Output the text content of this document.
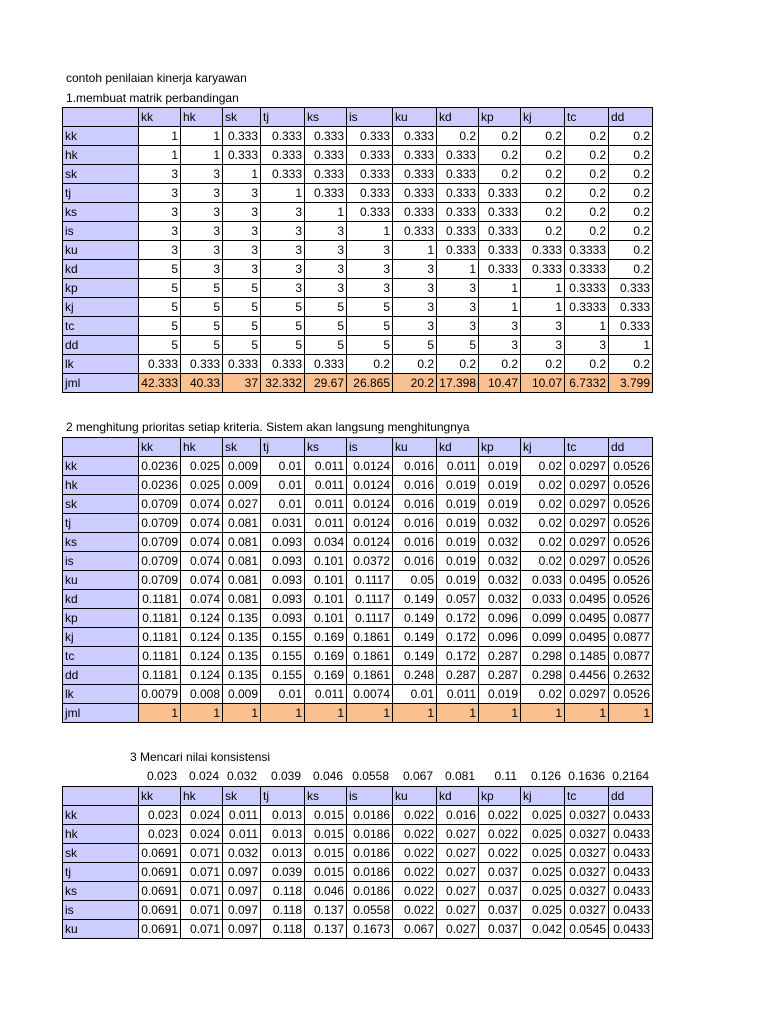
contoh penilaian kinerja karyawan
1.membuat matrik perbandingan
	kk	hk	sk	tj	ks	is	ku	kd	kp	kj	tc	dd
kk	1	1	0.333	0.333	0.333	0.333	0.333	0.2	0.2	0.2	0.2	0.2
hk	1	1	0.333	0.333	0.333	0.333	0.333	0.333	0.2	0.2	0.2	0.2
sk	3	3	1	0.333	0.333	0.333	0.333	0.333	0.2	0.2	0.2	0.2
tj	3	3	3	1	0.333	0.333	0.333	0.333	0.333	0.2	0.2	0.2
ks	3	3	3	3	1	0.333	0.333	0.333	0.333	0.2	0.2	0.2
is	3	3	3	3	3	1	0.333	0.333	0.333	0.2	0.2	0.2
ku	3	3	3	3	3	3	1	0.333	0.333	0.333	0.3333	0.2
kd	5	3	3	3	3	3	3	1	0.333	0.333	0.3333	0.2
kp	5	5	5	3	3	3	3	3	1	1	0.3333	0.333
kj	5	5	5	5	5	5	3	3	1	1	0.3333	0.333
tc	5	5	5	5	5	5	3	3	3	3	1	0.333
dd	5	5	5	5	5	5	5	5	3	3	3	1
lk	0.333	0.333	0.333	0.333	0.333	0.2	0.2	0.2	0.2	0.2	0.2	0.2
jml	42.333	40.33	37	32.332	29.67	26.865	20.2	17.398	10.47	10.07	6.7332	3.799
2 menghitung prioritas setiap kriteria. Sistem akan langsung menghitungnya
	kk	hk	sk	tj	ks	is	ku	kd	kp	kj	tc	dd
kk	0.0236	0.025	0.009	0.01	0.011	0.0124	0.016	0.011	0.019	0.02	0.0297	0.0526
hk	0.0236	0.025	0.009	0.01	0.011	0.0124	0.016	0.019	0.019	0.02	0.0297	0.0526
sk	0.0709	0.074	0.027	0.01	0.011	0.0124	0.016	0.019	0.019	0.02	0.0297	0.0526
tj	0.0709	0.074	0.081	0.031	0.011	0.0124	0.016	0.019	0.032	0.02	0.0297	0.0526
ks	0.0709	0.074	0.081	0.093	0.034	0.0124	0.016	0.019	0.032	0.02	0.0297	0.0526
is	0.0709	0.074	0.081	0.093	0.101	0.0372	0.016	0.019	0.032	0.02	0.0297	0.0526
ku	0.0709	0.074	0.081	0.093	0.101	0.1117	0.05	0.019	0.032	0.033	0.0495	0.0526
kd	0.1181	0.074	0.081	0.093	0.101	0.1117	0.149	0.057	0.032	0.033	0.0495	0.0526
kp	0.1181	0.124	0.135	0.093	0.101	0.1117	0.149	0.172	0.096	0.099	0.0495	0.0877
kj	0.1181	0.124	0.135	0.155	0.169	0.1861	0.149	0.172	0.096	0.099	0.0495	0.0877
tc	0.1181	0.124	0.135	0.155	0.169	0.1861	0.149	0.172	0.287	0.298	0.1485	0.0877
dd	0.1181	0.124	0.135	0.155	0.169	0.1861	0.248	0.287	0.287	0.298	0.4456	0.2632
lk	0.0079	0.008	0.009	0.01	0.011	0.0074	0.01	0.011	0.019	0.02	0.0297	0.0526
jml	1	1	1	1	1	1	1	1	1	1	1	1
3 Mencari nilai konsistensi
0.023 0.024 0.032 0.039 0.046 0.0558 0.067 0.081 0.11 0.126 0.1636 0.2164
	kk	hk	sk	tj	ks	is	ku	kd	kp	kj	tc	dd
kk	0.023	0.024	0.011	0.013	0.015	0.0186	0.022	0.016	0.022	0.025	0.0327	0.0433
hk	0.023	0.024	0.011	0.013	0.015	0.0186	0.022	0.027	0.022	0.025	0.0327	0.0433
sk	0.0691	0.071	0.032	0.013	0.015	0.0186	0.022	0.027	0.022	0.025	0.0327	0.0433
tj	0.0691	0.071	0.097	0.039	0.015	0.0186	0.022	0.027	0.037	0.025	0.0327	0.0433
ks	0.0691	0.071	0.097	0.118	0.046	0.0186	0.022	0.027	0.037	0.025	0.0327	0.0433
is	0.0691	0.071	0.097	0.118	0.137	0.0558	0.022	0.027	0.037	0.025	0.0327	0.0433
ku	0.0691	0.071	0.097	0.118	0.137	0.1673	0.067	0.027	0.037	0.042	0.0545	0.0433
